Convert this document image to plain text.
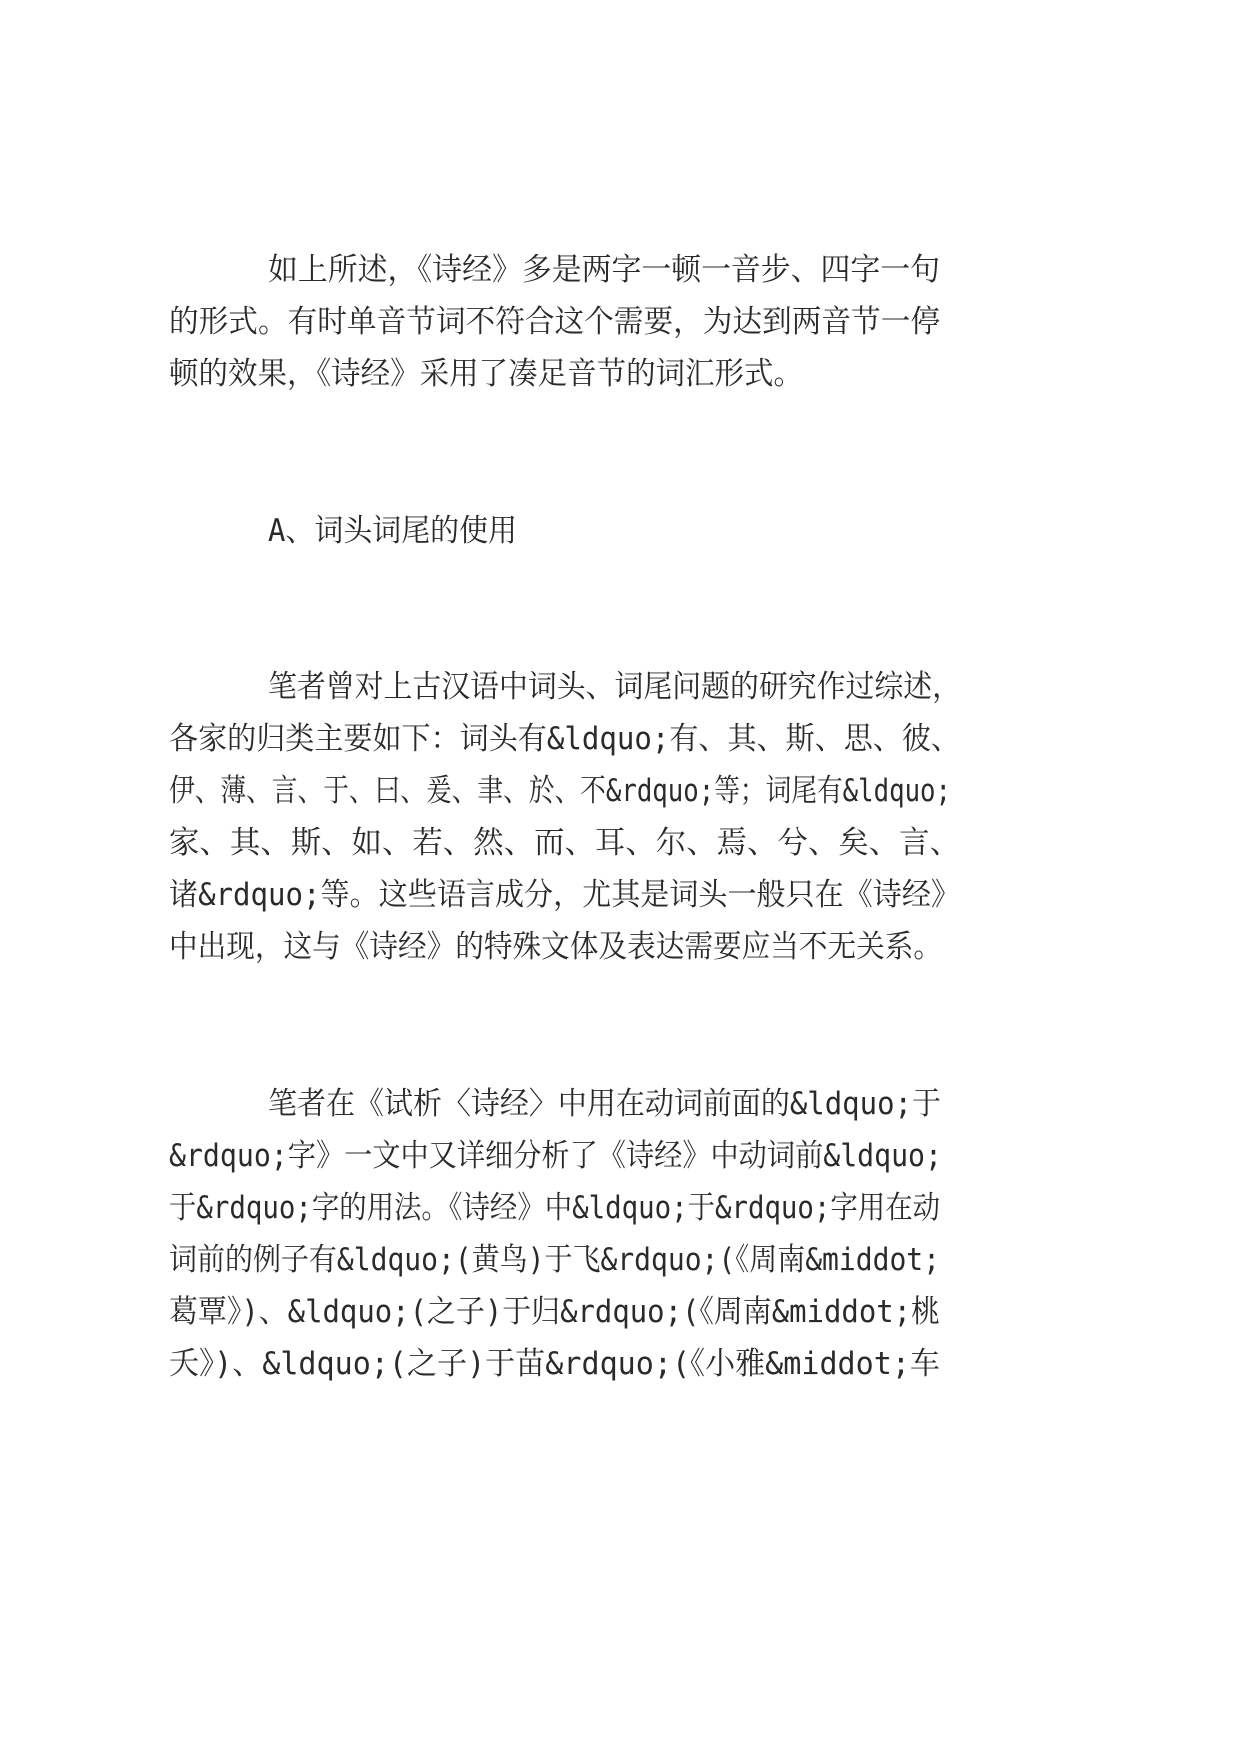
如上所述，《诗经》多是两字一顿一音步、四字一句

的形式。有时单音节词不符合这个需要，为达到两音节一停

顿的效果，《诗经》采用了凑足音节的词汇形式。

A、词头词尾的使用

笔者曾对上古汉语中词头、词尾问题的研究作过综述，

各家的归类主要如下：词头有&ldquo;有、其、斯、思、彼、

伊、薄、言、于、曰、爰、聿、於、不&rdquo;等；词尾有&ldquo;

家、其、斯、如、若、然、而、耳、尔、焉、兮、矣、言、

诸&rdquo;等。这些语言成分，尤其是词头一般只在《诗经》

中出现，这与《诗经》的特殊文体及表达需要应当不无关系。

笔者在《试析〈诗经〉中用在动词前面的&ldquo;于

&rdquo;字》一文中又详细分析了《诗经》中动词前&ldquo;

于&rdquo;字的用法。《诗经》中&ldquo;于&rdquo;字用在动

词前的例子有&ldquo;(黄鸟)于飞&rdquo;(《周南&middot;

葛覃》)、&ldquo;(之子)于归&rdquo;(《周南&middot;桃

夭》)、&ldquo;(之子)于苗&rdquo;(《小雅&middot;车
